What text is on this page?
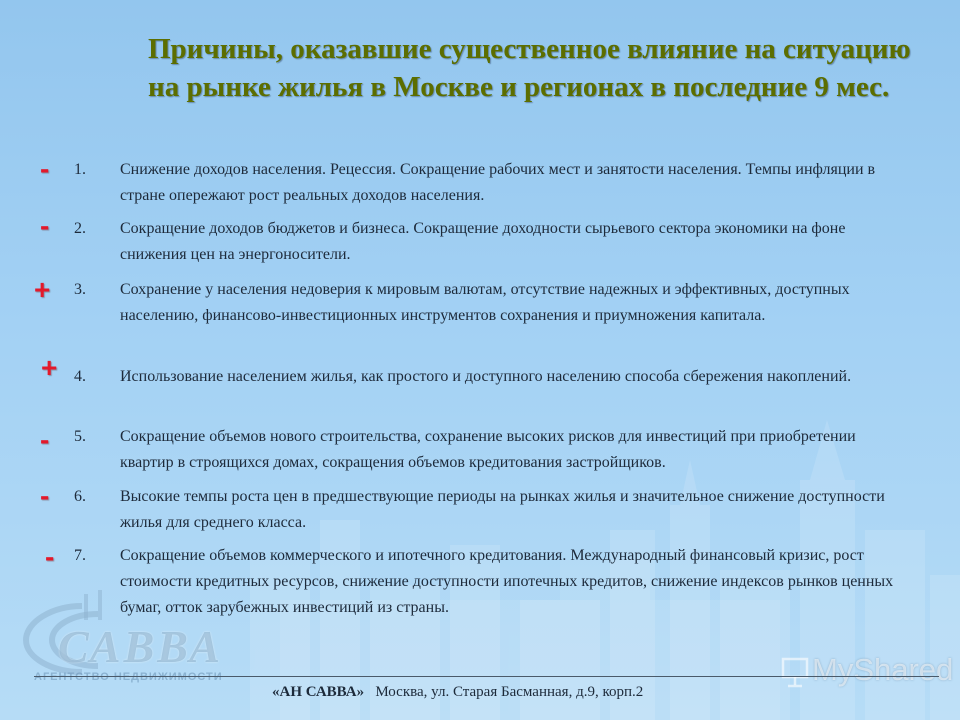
Причины, оказавшие существенное влияние на ситуацию на рынке жилья в Москве и регионах в последние 9 мес.
- 1. Снижение доходов населения. Рецессия. Сокращение рабочих мест и занятости населения. Темпы инфляции в стране опережают рост реальных доходов населения.
- 2. Сокращение доходов бюджетов и бизнеса. Сокращение доходности сырьевого сектора экономики на фоне снижения цен на энергоносители.
+ 3. Сохранение у населения недоверия к мировым валютам, отсутствие надежных и эффективных, доступных населению, финансово-инвестиционных инструментов сохранения и приумножения капитала.
+ 4. Использование населением жилья, как простого и доступного населению способа сбережения накоплений.
- 5. Сокращение объемов нового строительства, сохранение высоких рисков для инвестиций при приобретении квартир в строящихся домах, сокращения объемов кредитования застройщиков.
- 6. Высокие темпы роста цен в предшествующие периоды на рынках жилья и значительное снижение доступности жилья для среднего класса.
- 7. Сокращение объемов коммерческого и ипотечного кредитования. Международный финансовый кризис, рост стоимости кредитных ресурсов, снижение доступности ипотечных кредитов, снижение индексов рынков ценных бумаг, отток зарубежных инвестиций из страны.
САВВА
АГЕНТСТВО НЕДВИЖИМОСТИ	MyShared
«АН САВВА» Москва, ул. Старая Басманная, д.9, корп.2
